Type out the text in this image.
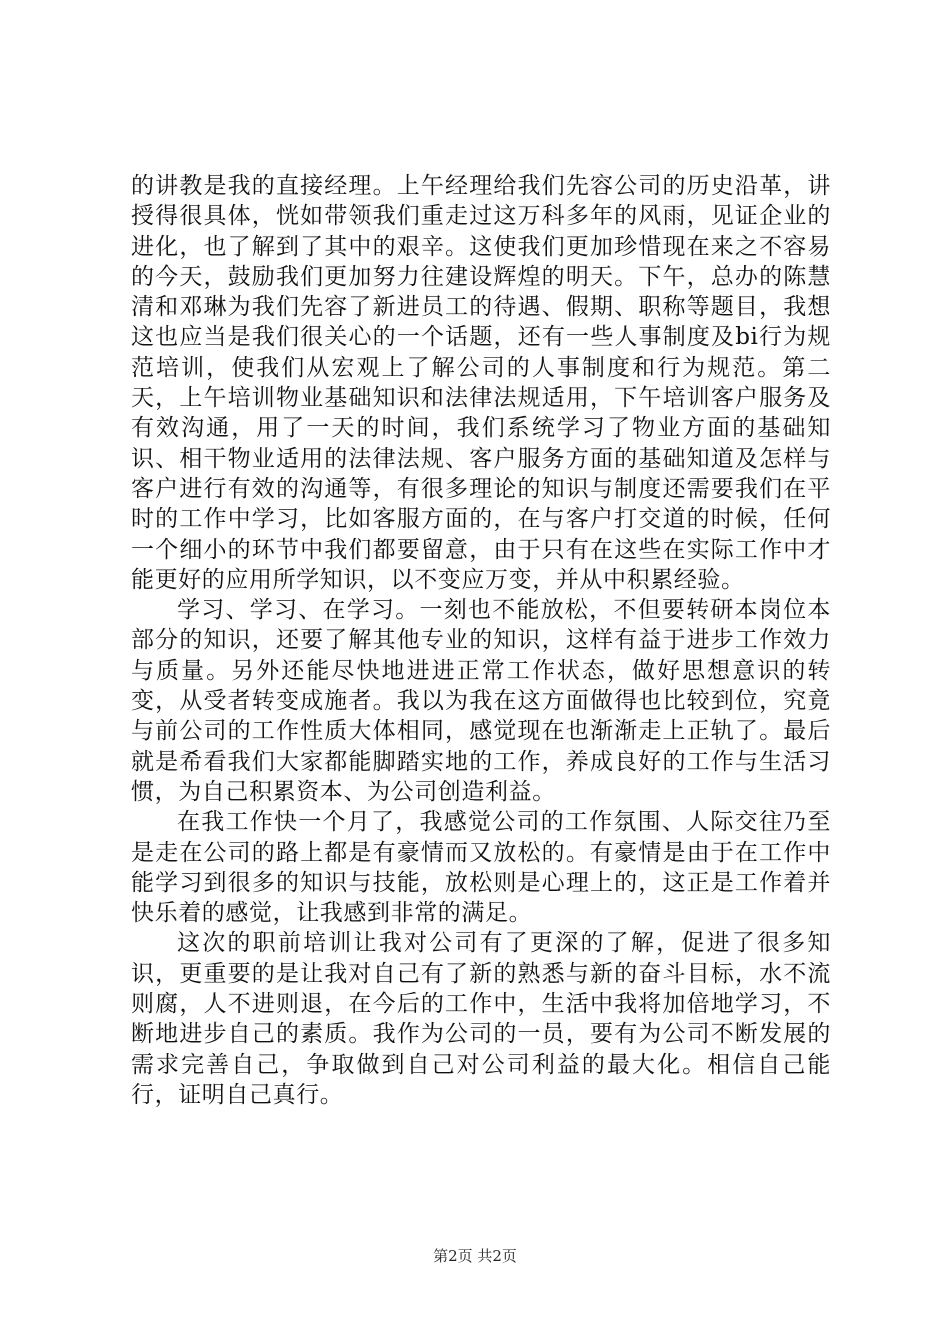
的讲教是我的直接经理。上午经理给我们先容公司的历史沿革，讲授得很具体，恍如带领我们重走过这万科多年的风雨，见证企业的进化，也了解到了其中的艰辛。这使我们更加珍惜现在来之不容易的今天，鼓励我们更加努力往建设辉煌的明天。下午，总办的陈慧清和邓琳为我们先容了新进员工的待遇、假期、职称等题目，我想这也应当是我们很关心的一个话题，还有一些人事制度及bi行为规范培训，使我们从宏观上了解公司的人事制度和行为规范。第二天，上午培训物业基础知识和法律法规适用，下午培训客户服务及有效沟通，用了一天的时间，我们系统学习了物业方面的基础知识、相干物业适用的法律法规、客户服务方面的基础知道及怎样与客户进行有效的沟通等，有很多理论的知识与制度还需要我们在平时的工作中学习，比如客服方面的，在与客户打交道的时候，任何一个细小的环节中我们都要留意，由于只有在这些在实际工作中才能更好的应用所学知识，以不变应万变，并从中积累经验。

学习、学习、在学习。一刻也不能放松，不但要转研本岗位本部分的知识，还要了解其他专业的知识，这样有益于进步工作效力与质量。另外还能尽快地进进正常工作状态，做好思想意识的转变，从受者转变成施者。我以为我在这方面做得也比较到位，究竟与前公司的工作性质大体相同，感觉现在也渐渐走上正轨了。最后就是希看我们大家都能脚踏实地的工作，养成良好的工作与生活习惯，为自己积累资本、为公司创造利益。

在我工作快一个月了，我感觉公司的工作氛围、人际交往乃至是走在公司的路上都是有豪情而又放松的。有豪情是由于在工作中能学习到很多的知识与技能，放松则是心理上的，这正是工作着并快乐着的感觉，让我感到非常的满足。

这次的职前培训让我对公司有了更深的了解，促进了很多知识，更重要的是让我对自己有了新的熟悉与新的奋斗目标，水不流则腐，人不进则退，在今后的工作中，生活中我将加倍地学习，不断地进步自己的素质。我作为公司的一员，要有为公司不断发展的需求完善自己，争取做到自己对公司利益的最大化。相信自己能行，证明自己真行。

第2页 共2页
